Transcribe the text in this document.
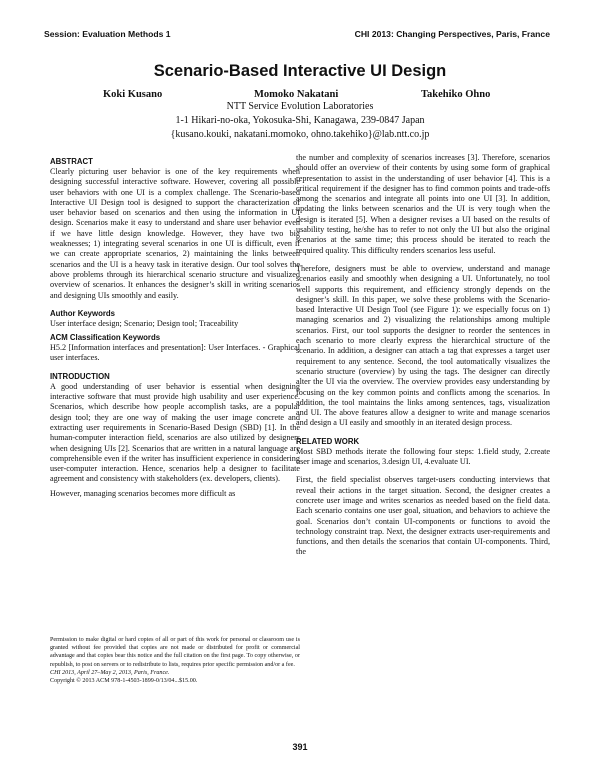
Session: Evaluation Methods 1	CHI 2013: Changing Perspectives, Paris, France
Scenario-Based Interactive UI Design
Koki Kusano	Momoko Nakatani	Takehiko Ohno
NTT Service Evolution Laboratories
1-1 Hikari-no-oka, Yokosuka-Shi, Kanagawa, 239-0847 Japan
{kusano.kouki, nakatani.momoko, ohno.takehiko}@lab.ntt.co.jp
ABSTRACT

Clearly picturing user behavior is one of the key requirements when designing successful interactive software. However, covering all possible user behaviors with one UI is a complex challenge. The Scenario-based Interactive UI Design tool is designed to support the characterization of user behavior based on scenarios and then using the information in UI design. Scenarios make it easy to understand and share user behavior even if we have little design knowledge. However, they have two big weaknesses; 1) integrating several scenarios in one UI is difficult, even if we can create appropriate scenarios, 2) maintaining the links between scenarios and the UI is a heavy task in iterative design. Our tool solves the above problems through its hierarchical scenario structure and visualized overview of scenarios. It enhances the designer’s skill in writing scenarios and designing UIs smoothly and easily.

Author Keywords

User interface design; Scenario; Design tool; Traceability

ACM Classification Keywords

H5.2 [Information interfaces and presentation]: User Interfaces. - Graphical user interfaces.

INTRODUCTION

A good understanding of user behavior is essential when designing interactive software that must provide high usability and user experience. Scenarios, which describe how people accomplish tasks, are a popular design tool; they are one way of making the user image concrete and extracting user requirements in Scenario-Based Design (SBD) [1]. In the human-computer interaction field, scenarios are also utilized by designers when designing UIs [2]. Scenarios that are written in a natural language are comprehensible even if the writer has insufficient experience in considering user-computer interaction. Hence, scenarios help a designer to facilitate agreement and consistency with stakeholders (ex. developers, clients).

However, managing scenarios becomes more difficult as

Permission to make digital or hard copies of all or part of this work for personal or classroom use is granted without fee provided that copies are not made or distributed for profit or commercial advantage and that copies bear this notice and the full citation on the first page. To copy otherwise, or republish, to post on servers or to redistribute to lists, requires prior specific permission and/or a fee.

CHI 2013, April 27–May 2, 2013, Paris, France.

Copyright © 2013 ACM 978-1-4503-1899-0/13/04...$15.00.

the number and complexity of scenarios increases [3]. Therefore, scenarios should offer an overview of their contents by using some form of graphical representation to assist in the understanding of user behavior [4]. This is a critical requirement if the designer has to find common points and trade-offs among the scenarios and integrate all points into one UI [3]. In addition, updating the links between scenarios and the UI is very tough when the design is iterated [5]. When a designer revises a UI based on the results of usability testing, he/she has to refer to not only the UI but also the original scenarios at the same time; this process should be iterated to reach the required quality. This difficulty renders scenarios less useful.

Therefore, designers must be able to overview, understand and manage scenarios easily and smoothly when designing a UI. Unfortunately, no tool well supports this requirement, and efficiency strongly depends on the designer’s skill. In this paper, we solve these problems with the Scenario-based Interactive UI Design Tool (see Figure 1): we especially focus on 1) managing scenarios and 2) visualizing the relationships among multiple scenarios. First, our tool supports the designer to reorder the sentences in each scenario to more clearly express the hierarchical structure of the scenario. In addition, a designer can attach a tag that expresses a target user requirement to any sentence. Second, the tool automatically visualizes the scenario structure (overview) by using the tags. The designer can directly alter the UI via the overview. The overview provides easy understanding by focusing on the key common points and conflicts among the scenarios. In addition, the tool maintains the links among sentences, tags, visualization and UI. The above features allow a designer to write and manage scenarios and design a UI easily and smoothly in an iterated design process.

RELATED WORK

Most SBD methods iterate the following four steps: 1.field study, 2.create user image and scenarios, 3.design UI, 4.evaluate UI.

First, the field specialist observes target-users conducting interviews that reveal their actions in the target situation. Second, the designer creates a concrete user image and writes scenarios as needed based on the field data. Each scenario contains one user goal, situation, and behaviors to achieve the goal. Scenarios don’t contain UI-components or functions to avoid the technology constraint trap. Next, the designer extracts user-requirements and functions, and then details the scenarios that contain UI-components. Third, the

391
